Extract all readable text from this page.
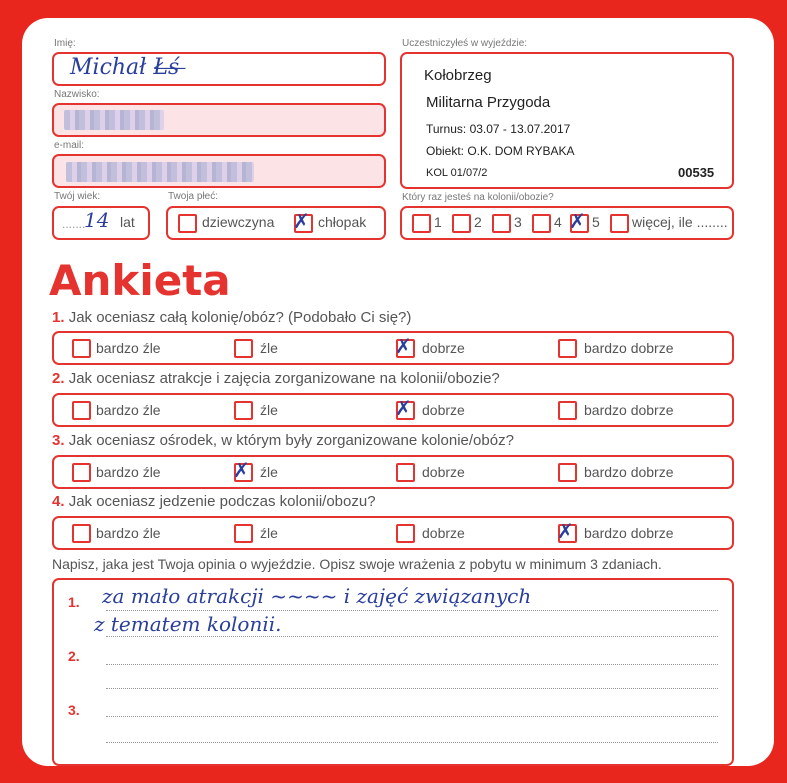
Imię:
Michał Ł̶ś̶ ̶
Nazwisko:
e-mail:
Twój wiek:
.......
14 lat
Twoja płeć:
dziewczyna ✗ chłopak
Uczestniczyłeś w wyjeździe:
Kołobrzeg
Militarna Przygoda
Turnus: 03.07 - 13.07.2017
Obiekt: O.K. DOM RYBAKA
KOL 01/07/2	00535
Który raz jesteś na kolonii/obozie?
1 2 3 4 ✗ 5 więcej, ile ........
Ankieta
1. Jak oceniasz całą kolonię/obóz? (Podobało Ci się?)
bardzo źle	źle	✗ dobrze	bardzo dobrze
2. Jak oceniasz atrakcje i zajęcia zorganizowane na kolonii/obozie?
bardzo źle	źle	✗ dobrze	bardzo dobrze
3. Jak oceniasz ośrodek, w którym były zorganizowane kolonie/obóz?
bardzo źle	✗ źle	dobrze	bardzo dobrze
4. Jak oceniasz jedzenie podczas kolonii/obozu?
bardzo źle	źle	dobrze	✗ bardzo dobrze
Napisz, jaka jest Twoja opinia o wyjeździe. Opisz swoje wrażenia z pobytu w minimum 3 zdaniach.
1. za mało atrakcji ~~~~ i zajęć związanych
z tematem kolonii.
2.
3.
